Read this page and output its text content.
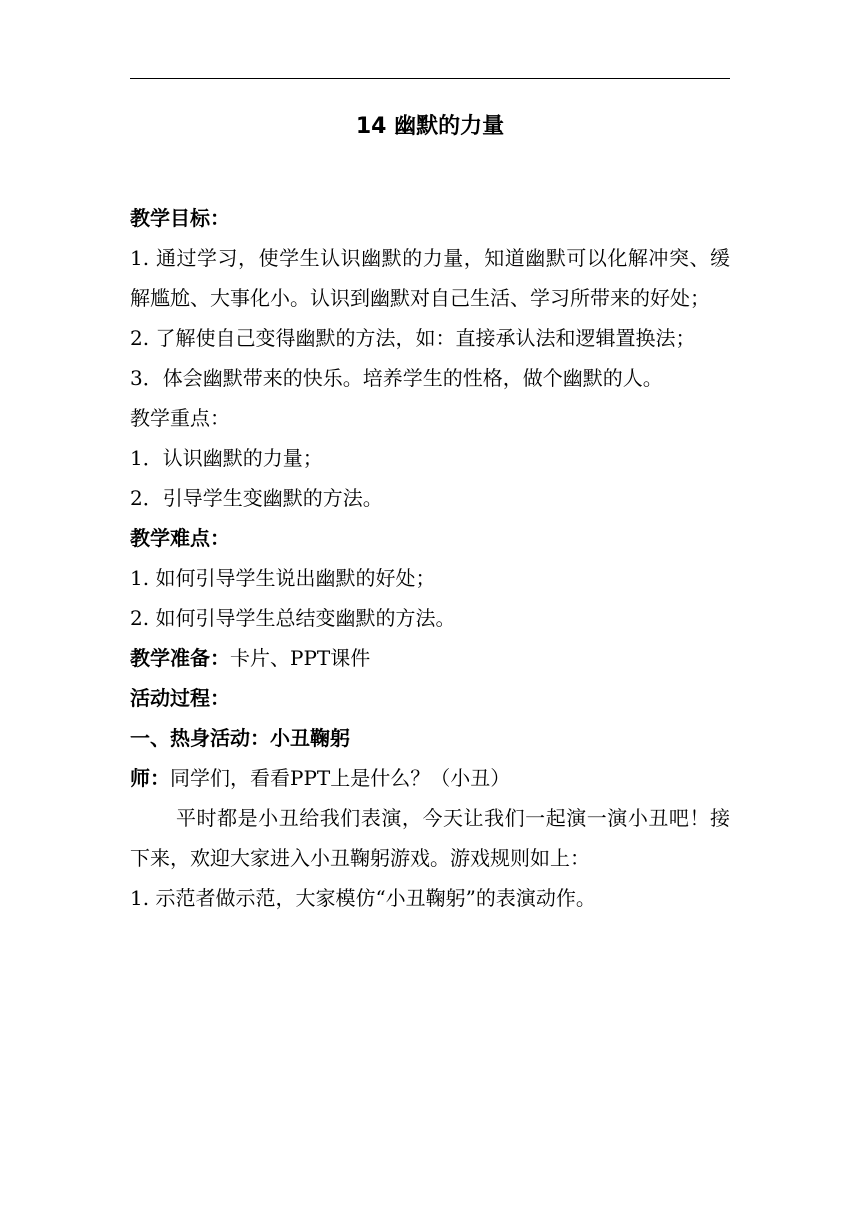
14 幽默的力量

教学目标：

1. 通过学习，使学生认识幽默的力量，知道幽默可以化解冲突、缓解尴尬、大事化小。认识到幽默对自己生活、学习所带来的好处；

2. 了解使自己变得幽默的方法，如：直接承认法和逻辑置换法；

3．体会幽默带来的快乐。培养学生的性格，做个幽默的人。

教学重点：

1．认识幽默的力量；

2．引导学生变幽默的方法。

教学难点：

1. 如何引导学生说出幽默的好处；

2. 如何引导学生总结变幽默的方法。

教学准备：卡片、PPT课件

活动过程：

一、热身活动：小丑鞠躬

师：同学们，看看PPT上是什么？（小丑）

平时都是小丑给我们表演，今天让我们一起演一演小丑吧！接下来，欢迎大家进入小丑鞠躬游戏。游戏规则如上：

1. 示范者做示范，大家模仿“小丑鞠躬”的表演动作。
